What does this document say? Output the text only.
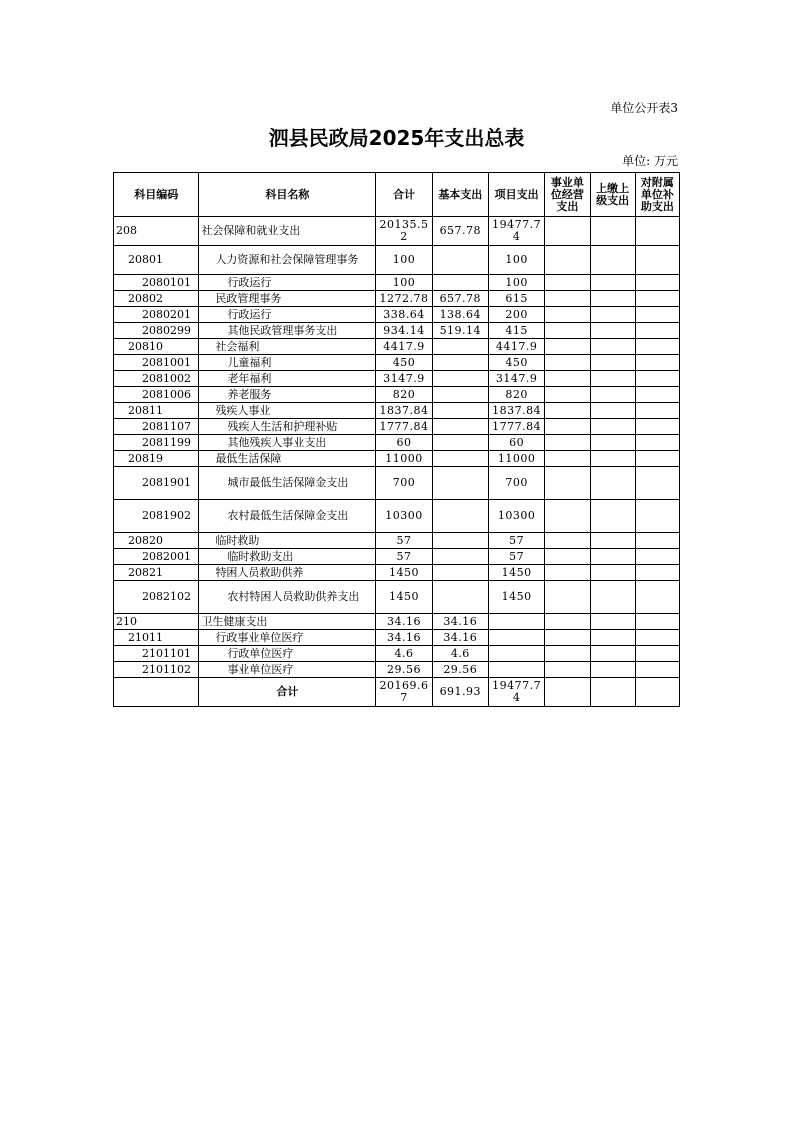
单位公开表3
泗县民政局2025年支出总表
单位: 万元
科目编码	科目名称	合计	基本支出	项目支出	事业单位经营支出	上缴上级支出	对附属单位补助支出
208	社会保障和就业支出	20135.52	657.78	19477.74			
20801	人力资源和社会保障管理事务	100		100			
2080101	行政运行	100		100			
20802	民政管理事务	1272.78	657.78	615			
2080201	行政运行	338.64	138.64	200			
2080299	其他民政管理事务支出	934.14	519.14	415			
20810	社会福利	4417.9		4417.9			
2081001	儿童福利	450		450			
2081002	老年福利	3147.9		3147.9			
2081006	养老服务	820		820			
20811	残疾人事业	1837.84		1837.84			
2081107	残疾人生活和护理补贴	1777.84		1777.84			
2081199	其他残疾人事业支出	60		60			
20819	最低生活保障	11000		11000			
2081901	城市最低生活保障金支出	700		700			
2081902	农村最低生活保障金支出	10300		10300			
20820	临时救助	57		57			
2082001	临时救助支出	57		57			
20821	特困人员救助供养	1450		1450			
2082102	农村特困人员救助供养支出	1450		1450			
210	卫生健康支出	34.16	34.16				
21011	行政事业单位医疗	34.16	34.16				
2101101	行政单位医疗	4.6	4.6				
2101102	事业单位医疗	29.56	29.56				
	合计	20169.67	691.93	19477.74			
